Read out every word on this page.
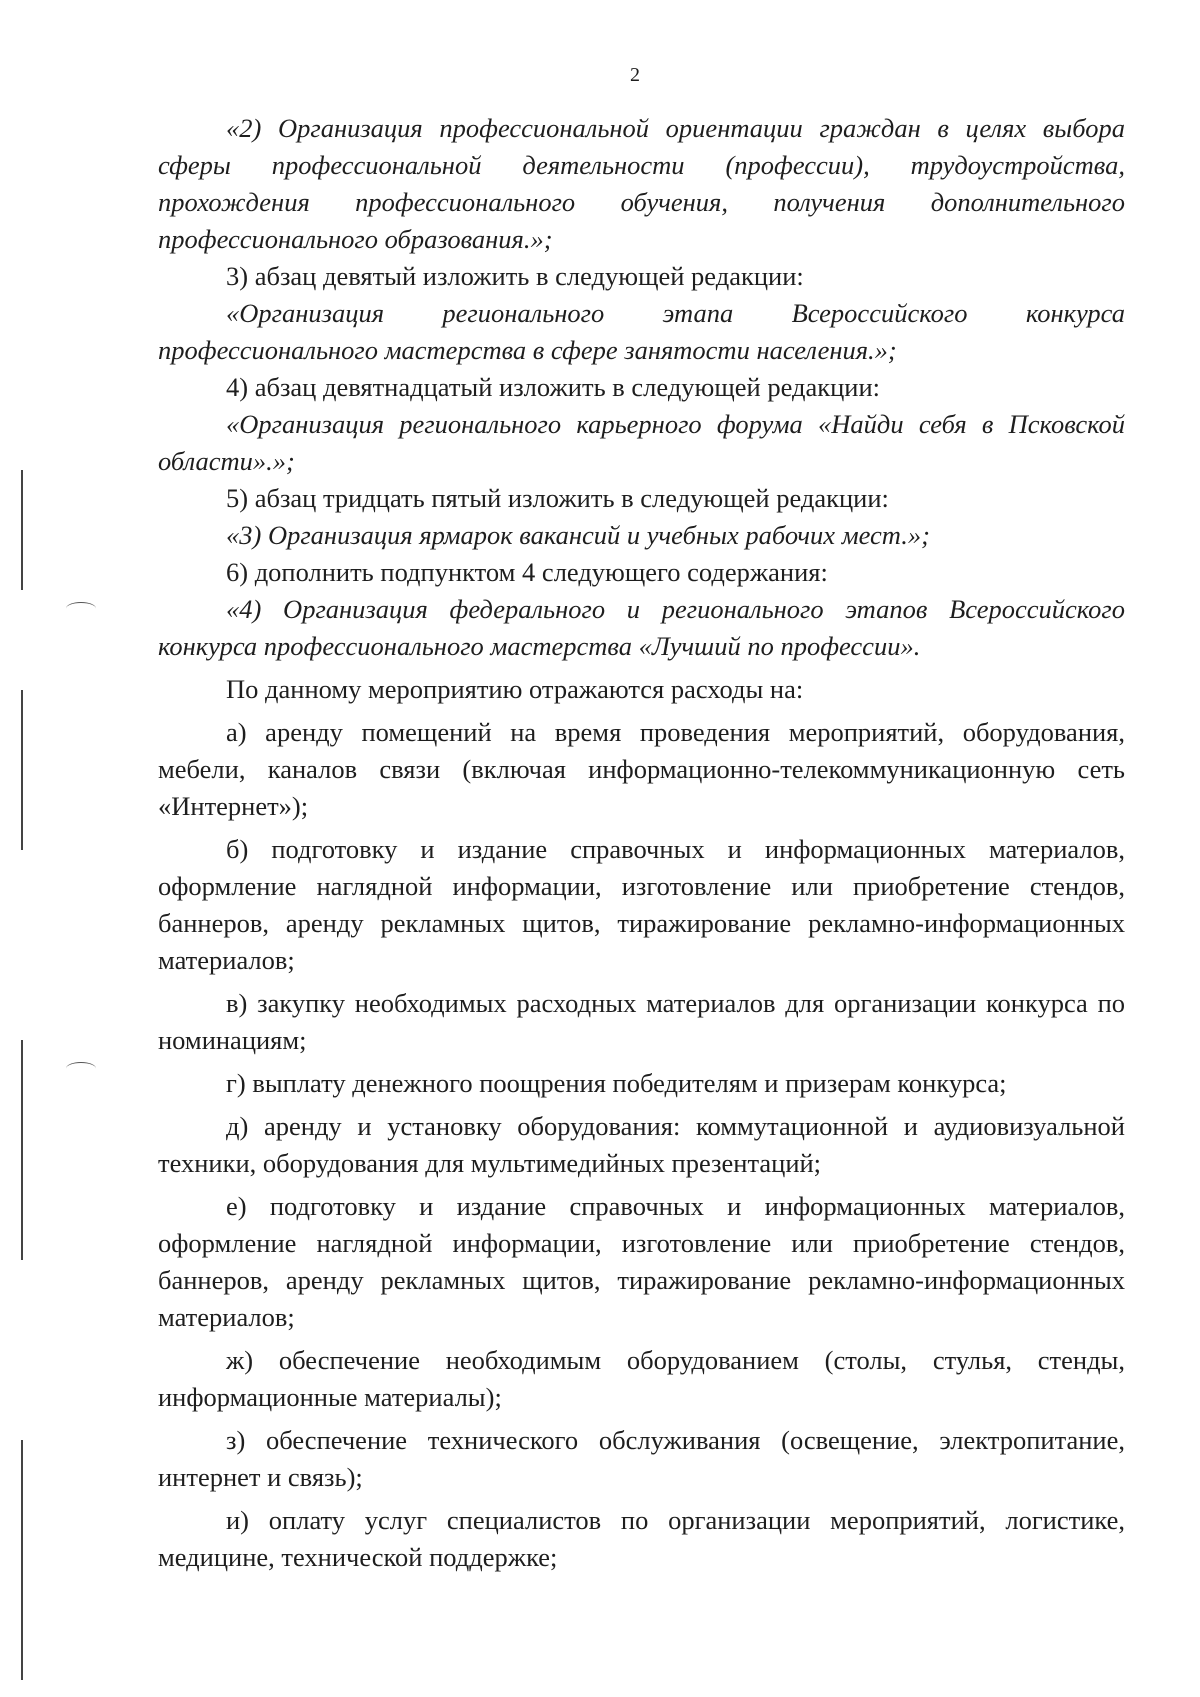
2

«2) Организация профессиональной ориентации граждан в целях выбора сферы профессиональной деятельности (профессии), трудоустройства, прохождения профессионального обучения, получения дополнительного профессионального образования.»;

3) абзац девятый изложить в следующей редакции:

«Организация регионального этапа Всероссийского конкурса профессионального мастерства в сфере занятости населения.»;

4) абзац девятнадцатый изложить в следующей редакции:

«Организация регионального карьерного форума «Найди себя в Псковской области».»;

5) абзац тридцать пятый изложить в следующей редакции:

«3) Организация ярмарок вакансий и учебных рабочих мест.»;

6) дополнить подпунктом 4 следующего содержания:

«4) Организация федерального и регионального этапов Всероссийского конкурса профессионального мастерства «Лучший по профессии».

По данному мероприятию отражаются расходы на:

а) аренду помещений на время проведения мероприятий, оборудования, мебели, каналов связи (включая информационно-телекоммуникационную сеть «Интернет»);

б) подготовку и издание справочных и информационных материалов, оформление наглядной информации, изготовление или приобретение стендов, баннеров, аренду рекламных щитов, тиражирование рекламно-информационных материалов;

в) закупку необходимых расходных материалов для организации конкурса по номинациям;

г) выплату денежного поощрения победителям и призерам конкурса;

д) аренду и установку оборудования: коммутационной и аудиовизуальной техники, оборудования для мультимедийных презентаций;

е) подготовку и издание справочных и информационных материалов, оформление наглядной информации, изготовление или приобретение стендов, баннеров, аренду рекламных щитов, тиражирование рекламно-информационных материалов;

ж) обеспечение необходимым оборудованием (столы, стулья, стенды, информационные материалы);

з) обеспечение технического обслуживания (освещение, электропитание, интернет и связь);

и) оплату услуг специалистов по организации мероприятий, логистике, медицине, технической поддержке;
